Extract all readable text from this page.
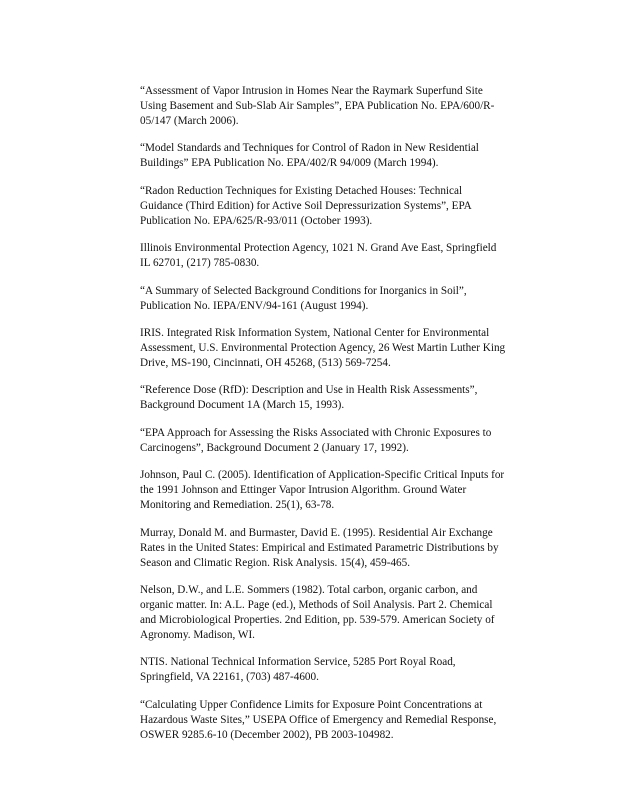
“Assessment of Vapor Intrusion in Homes Near the Raymark Superfund Site
Using Basement and Sub-Slab Air Samples”, EPA Publication No. EPA/600/R-
05/147 (March 2006).

“Model Standards and Techniques for Control of Radon in New Residential
Buildings” EPA Publication No. EPA/402/R 94/009 (March 1994).

“Radon Reduction Techniques for Existing Detached Houses: Technical
Guidance (Third Edition) for Active Soil Depressurization Systems”, EPA
Publication No. EPA/625/R-93/011 (October 1993).

Illinois Environmental Protection Agency, 1021 N. Grand Ave East, Springfield
IL 62701, (217) 785-0830.

“A Summary of Selected Background Conditions for Inorganics in Soil”,
Publication No. IEPA/ENV/94-161 (August 1994).

IRIS. Integrated Risk Information System, National Center for Environmental
Assessment, U.S. Environmental Protection Agency, 26 West Martin Luther King
Drive, MS-190, Cincinnati, OH 45268, (513) 569-7254.

“Reference Dose (RfD): Description and Use in Health Risk Assessments”,
Background Document 1A (March 15, 1993).

“EPA Approach for Assessing the Risks Associated with Chronic Exposures to
Carcinogens”, Background Document 2 (January 17, 1992).

Johnson, Paul C. (2005). Identification of Application-Specific Critical Inputs for
the 1991 Johnson and Ettinger Vapor Intrusion Algorithm. Ground Water
Monitoring and Remediation. 25(1), 63-78.

Murray, Donald M. and Burmaster, David E. (1995). Residential Air Exchange
Rates in the United States: Empirical and Estimated Parametric Distributions by
Season and Climatic Region. Risk Analysis. 15(4), 459-465.

Nelson, D.W., and L.E. Sommers (1982). Total carbon, organic carbon, and
organic matter. In: A.L. Page (ed.), Methods of Soil Analysis. Part 2. Chemical
and Microbiological Properties. 2nd Edition, pp. 539-579. American Society of
Agronomy. Madison, WI.

NTIS. National Technical Information Service, 5285 Port Royal Road,
Springfield, VA 22161, (703) 487-4600.

“Calculating Upper Confidence Limits for Exposure Point Concentrations at
Hazardous Waste Sites,” USEPA Office of Emergency and Remedial Response,
OSWER 9285.6-10 (December 2002), PB 2003-104982.
